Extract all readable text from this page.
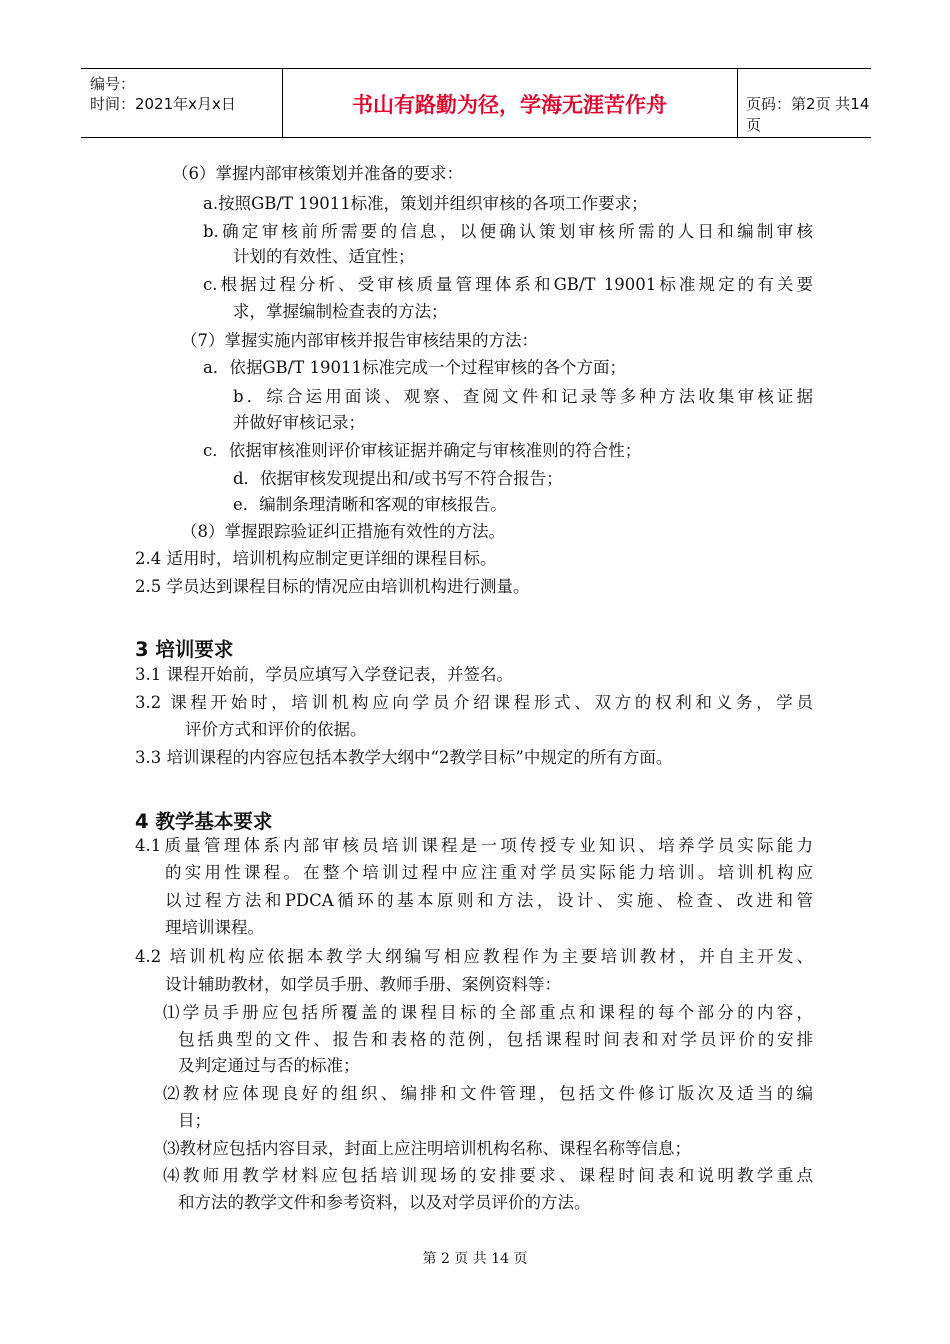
编号：
时间：2021年x月x日	书山有路勤为径，学海无涯苦作舟	页码：第2页 共14页
（6）掌握内部审核策划并准备的要求：
a.按照GB/T 19011标准，策划并组织审核的各项工作要求；
b.确定审核前所需要的信息，以便确认策划审核所需的人日和编制审核
计划的有效性、适宜性；
c.根据过程分析、受审核质量管理体系和GB/T 19001标准规定的有关要
求，掌握编制检查表的方法；
（7）掌握实施内部审核并报告审核结果的方法：
a．依据GB/T 19011标准完成一个过程审核的各个方面；
b．综合运用面谈、观察、查阅文件和记录等多种方法收集审核证据
并做好审核记录；
c．依据审核准则评价审核证据并确定与审核准则的符合性；
d．依据审核发现提出和/或书写不符合报告；
e．编制条理清晰和客观的审核报告。
（8）掌握跟踪验证纠正措施有效性的方法。
2.4 适用时，培训机构应制定更详细的课程目标。
2.5 学员达到课程目标的情况应由培训机构进行测量。
3 培训要求
3.1 课程开始前，学员应填写入学登记表，并签名。
3.2 课程开始时，培训机构应向学员介绍课程形式、双方的权利和义务，学员
评价方式和评价的依据。
3.3 培训课程的内容应包括本教学大纲中“2教学目标”中规定的所有方面。
4 教学基本要求
4.1质量管理体系内部审核员培训课程是一项传授专业知识、培养学员实际能力
的实用性课程。在整个培训过程中应注重对学员实际能力培训。培训机构应
以过程方法和PDCA循环的基本原则和方法，设计、实施、检查、改进和管
理培训课程。
4.2 培训机构应依据本教学大纲编写相应教程作为主要培训教材，并自主开发、
设计辅助教材，如学员手册、教师手册、案例资料等：
⑴学员手册应包括所覆盖的课程目标的全部重点和课程的每个部分的内容，
包括典型的文件、报告和表格的范例，包括课程时间表和对学员评价的安排
及判定通过与否的标准；
⑵教材应体现良好的组织、编排和文件管理，包括文件修订版次及适当的编
目；
⑶教材应包括内容目录，封面上应注明培训机构名称、课程名称等信息；
⑷教师用教学材料应包括培训现场的安排要求、课程时间表和说明教学重点
和方法的教学文件和参考资料，以及对学员评价的方法。
第 2 页 共 14 页
